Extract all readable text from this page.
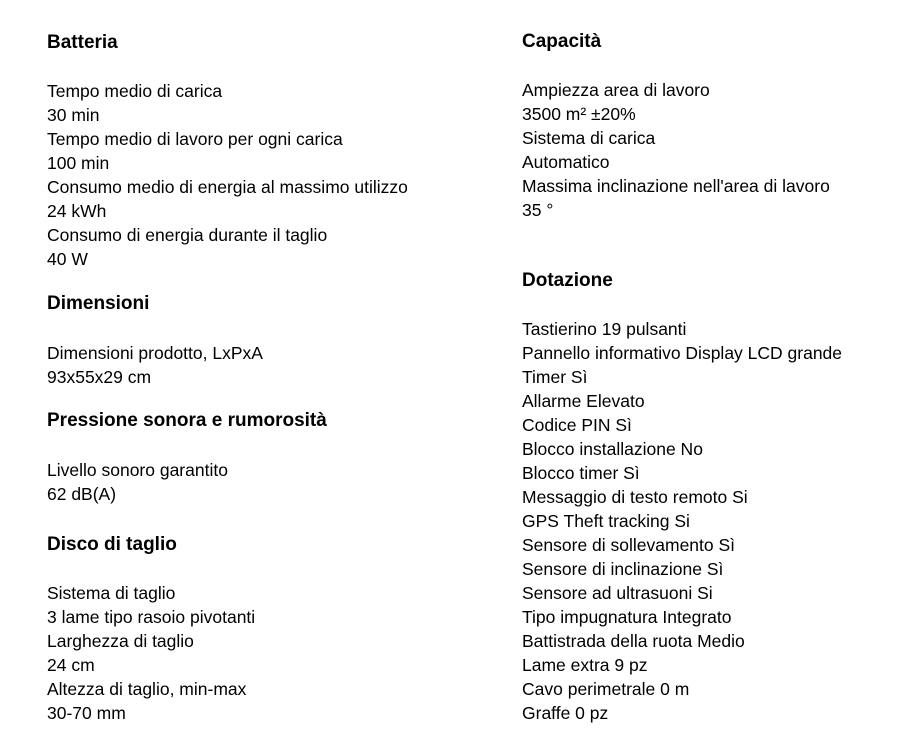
Batteria

Tempo medio di carica

30 min

Tempo medio di lavoro per ogni carica

100 min

Consumo medio di energia al massimo utilizzo

24 kWh

Consumo di energia durante il taglio

40 W

Dimensioni

Dimensioni prodotto, LxPxA

93x55x29 cm

Pressione sonora e rumorosità

Livello sonoro garantito

62 dB(A)

Disco di taglio

Sistema di taglio

3 lame tipo rasoio pivotanti

Larghezza di taglio

24 cm

Altezza di taglio, min-max

30-70 mm

Capacità

Ampiezza area di lavoro

3500 m² ±20%

Sistema di carica

Automatico

Massima inclinazione nell'area di lavoro

35 °

Dotazione

Tastierino 19 pulsanti

Pannello informativo Display LCD grande

Timer Sì

Allarme Elevato

Codice PIN Sì

Blocco installazione No

Blocco timer Sì

Messaggio di testo remoto Si

GPS Theft tracking Si

Sensore di sollevamento Sì

Sensore di inclinazione Sì

Sensore ad ultrasuoni Si

Tipo impugnatura Integrato

Battistrada della ruota Medio

Lame extra 9 pz

Cavo perimetrale 0 m

Graffe 0 pz
